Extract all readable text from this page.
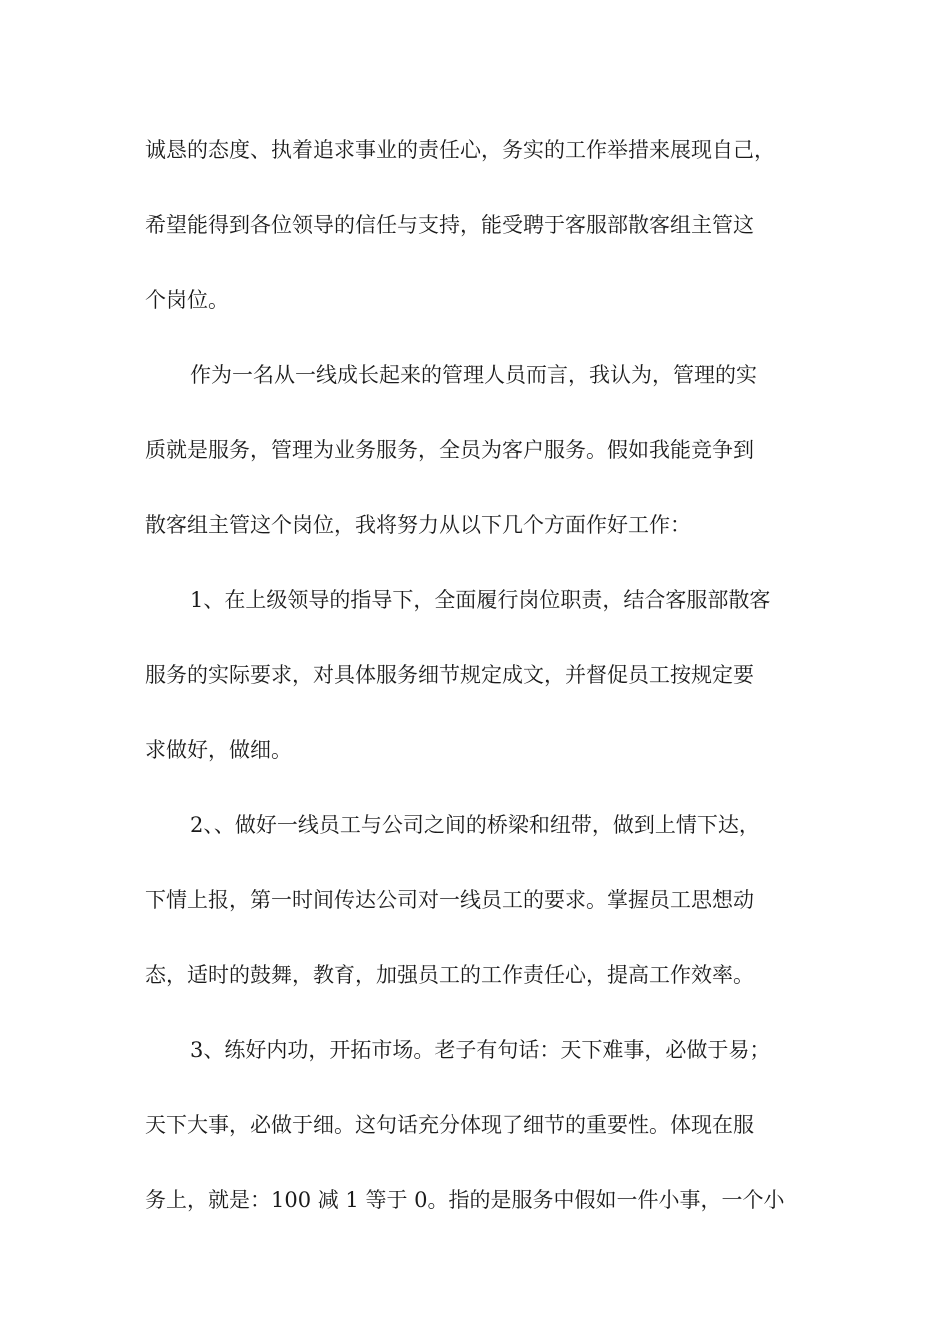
诚恳的态度、执着追求事业的责任心，务实的工作举措来展现自己，
希望能得到各位领导的信任与支持，能受聘于客服部散客组主管这
个岗位。
作为一名从一线成长起来的管理人员而言，我认为，管理的实
质就是服务，管理为业务服务，全员为客户服务。假如我能竞争到
散客组主管这个岗位，我将努力从以下几个方面作好工作：
1、在上级领导的指导下，全面履行岗位职责，结合客服部散客
服务的实际要求，对具体服务细节规定成文，并督促员工按规定要
求做好，做细。
2、、做好一线员工与公司之间的桥梁和纽带，做到上情下达，
下情上报，第一时间传达公司对一线员工的要求。掌握员工思想动
态，适时的鼓舞，教育，加强员工的工作责任心，提高工作效率。
3、练好内功，开拓市场。老子有句话：天下难事，必做于易；
天下大事，必做于细。这句话充分体现了细节的重要性。体现在服
务上，就是：100 减 1 等于 0。指的是服务中假如一件小事，一个小
